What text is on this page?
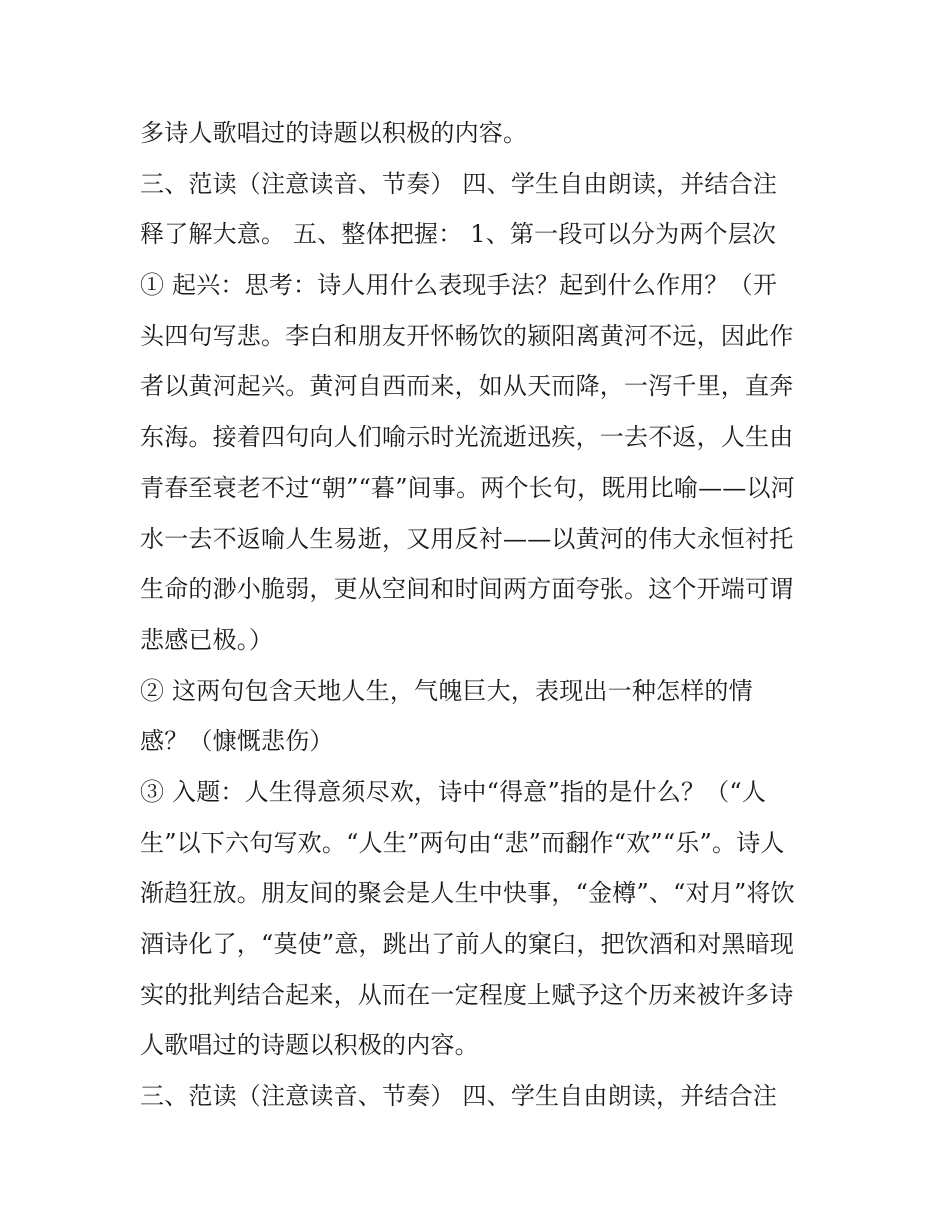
多诗人歌唱过的诗题以积极的内容。
三、范读（注意读音、节奏） 四、学生自由朗读，并结合注
释了解大意。 五、整体把握： 1、第一段可以分为两个层次
① 起兴：思考：诗人用什么表现手法？起到什么作用？（开
头四句写悲。李白和朋友开怀畅饮的颍阳离黄河不远，因此作
者以黄河起兴。黄河自西而来，如从天而降，一泻千里，直奔
东海。接着四句向人们喻示时光流逝迅疾，一去不返，人生由
青春至衰老不过“朝”“暮”间事。两个长句，既用比喻——以河
水一去不返喻人生易逝，又用反衬——以黄河的伟大永恒衬托
生命的渺小脆弱，更从空间和时间两方面夸张。这个开端可谓
悲感已极。）
② 这两句包含天地人生，气魄巨大，表现出一种怎样的情
感？（慷慨悲伤）
③ 入题：人生得意须尽欢，诗中“得意”指的是什么？（“人
生”以下六句写欢。“人生”两句由“悲”而翻作“欢”“乐”。诗人
渐趋狂放。朋友间的聚会是人生中快事，“金樽”、“对月”将饮
酒诗化了，“莫使”意，跳出了前人的窠臼，把饮酒和对黑暗现
实的批判结合起来，从而在一定程度上赋予这个历来被许多诗
人歌唱过的诗题以积极的内容。
三、范读（注意读音、节奏） 四、学生自由朗读，并结合注
